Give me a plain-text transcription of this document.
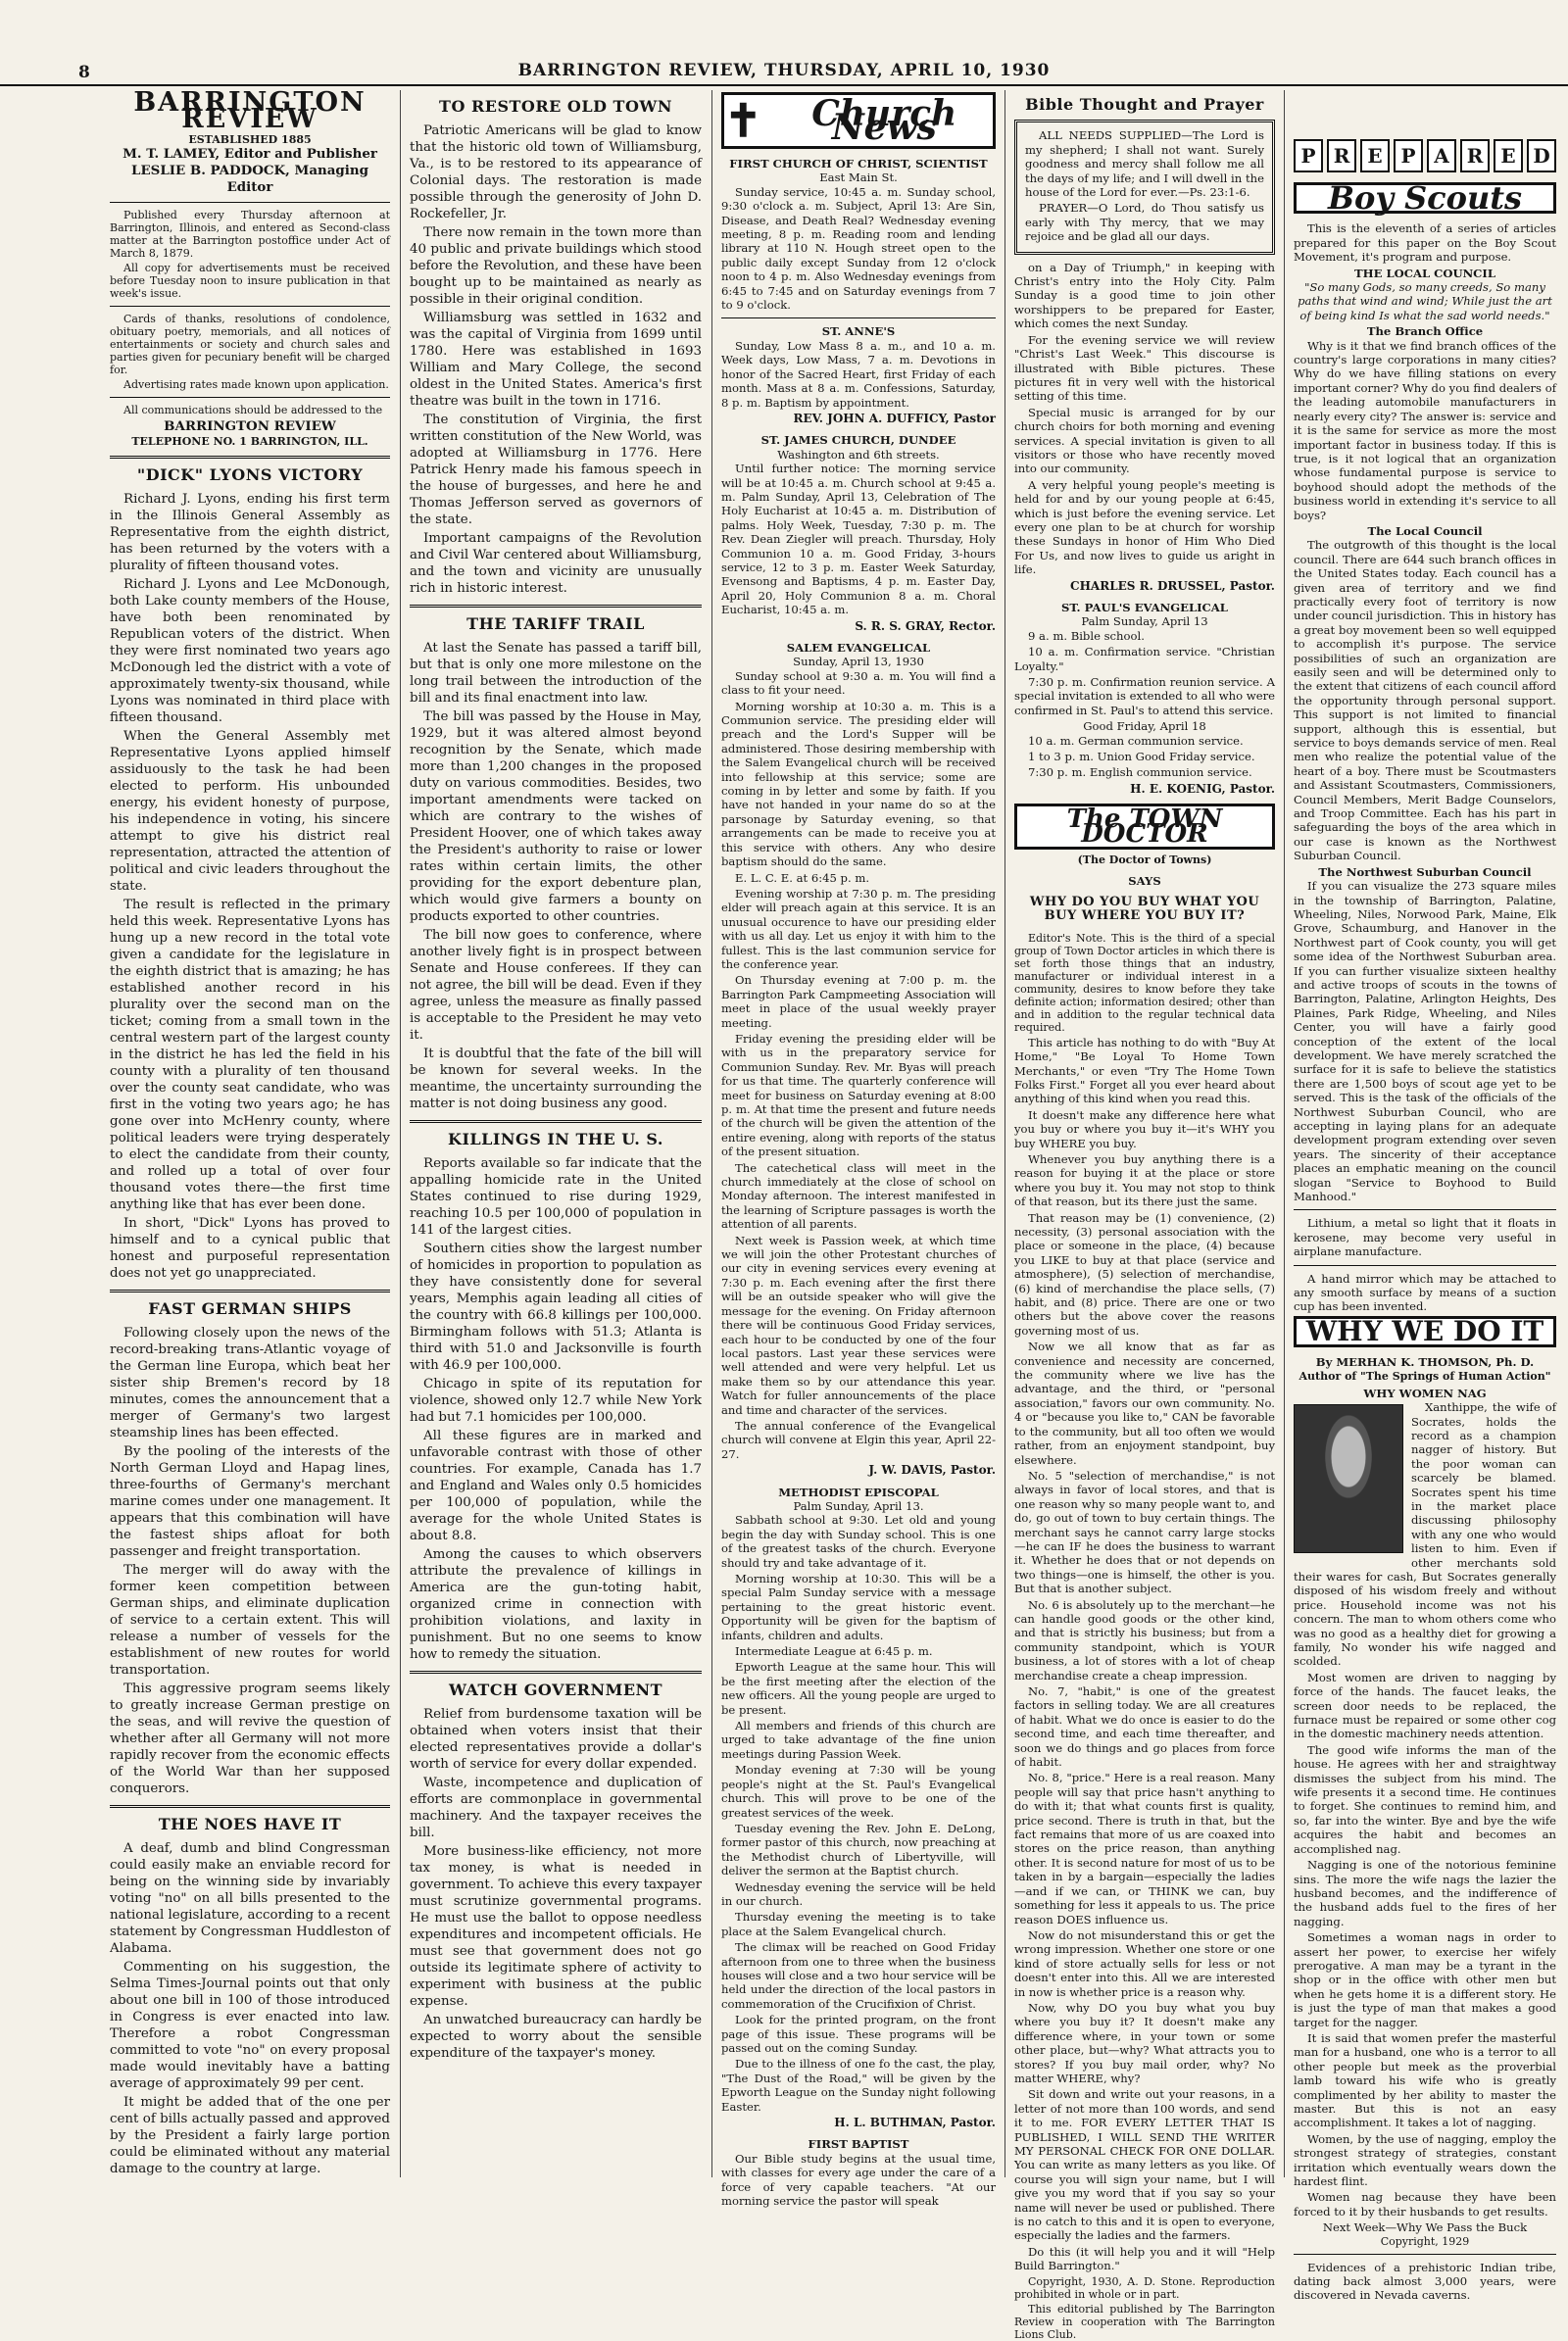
8	BARRINGTON REVIEW, THURSDAY, APRIL 10, 1930
BARRINGTON REVIEW
ESTABLISHED 1885
M. T. LAMEY, Editor and Publisher
LESLIE B. PADDOCK, Managing Editor

Published every Thursday afternoon at Barrington, Illinois, and entered as Second-class matter at the Barrington postoffice under Act of March 8, 1879.

All copy for advertisements must be received before Tuesday noon to insure publication in that week's issue.

Cards of thanks, resolutions of condolence, obituary poetry, memorials, and all notices of entertainments or society and church sales and parties given for pecuniary benefit will be charged for.

Advertising rates made known upon application.

All communications should be addressed to the

BARRINGTON REVIEW
TELEPHONE NO. 1 BARRINGTON, ILL.
"DICK" LYONS VICTORY

Richard J. Lyons, ending his first term in the Illinois General Assembly as Representative from the eighth district, has been returned by the voters with a plurality of fifteen thousand votes.

Richard J. Lyons and Lee McDonough, both Lake county members of the House, have both been renominated by Republican voters of the district. When they were first nominated two years ago McDonough led the district with a vote of approximately twenty-six thousand, while Lyons was nominated in third place with fifteen thousand.

When the General Assembly met Representative Lyons applied himself assiduously to the task he had been elected to perform. His unbounded energy, his evident honesty of purpose, his independence in voting, his sincere attempt to give his district real representation, attracted the attention of political and civic leaders throughout the state.

The result is reflected in the primary held this week. Representative Lyons has hung up a new record in the total vote given a candidate for the legislature in the eighth district that is amazing; he has established another record in his plurality over the second man on the ticket; coming from a small town in the central western part of the largest county in the district he has led the field in his county with a plurality of ten thousand over the county seat candidate, who was first in the voting two years ago; he has gone over into McHenry county, where political leaders were trying desperately to elect the candidate from their county, and rolled up a total of over four thousand votes there—the first time anything like that has ever been done.

In short, "Dick" Lyons has proved to himself and to a cynical public that honest and purposeful representation does not yet go unappreciated.

FAST GERMAN SHIPS

Following closely upon the news of the record-breaking trans-Atlantic voyage of the German line Europa, which beat her sister ship Bremen's record by 18 minutes, comes the announcement that a merger of Germany's two largest steamship lines has been effected.

By the pooling of the interests of the North German Lloyd and Hapag lines, three-fourths of Germany's merchant marine comes under one management. It appears that this combination will have the fastest ships afloat for both passenger and freight transportation.

The merger will do away with the former keen competition between German ships, and eliminate duplication of service to a certain extent. This will release a number of vessels for the establishment of new routes for world transportation.

This aggressive program seems likely to greatly increase German prestige on the seas, and will revive the question of whether after all Germany will not more rapidly recover from the economic effects of the World War than her supposed conquerors.

THE NOES HAVE IT

A deaf, dumb and blind Congressman could easily make an enviable record for being on the winning side by invariably voting "no" on all bills presented to the national legislature, according to a recent statement by Congressman Huddleston of Alabama.

Commenting on his suggestion, the Selma Times-Journal points out that only about one bill in 100 of those introduced in Congress is ever enacted into law. Therefore a robot Congressman committed to vote "no" on every proposal made would inevitably have a batting average of approximately 99 per cent.

It might be added that of the one per cent of bills actually passed and approved by the President a fairly large portion could be eliminated without any material damage to the country at large.

TO RESTORE OLD TOWN

Patriotic Americans will be glad to know that the historic old town of Williamsburg, Va., is to be restored to its appearance of Colonial days. The restoration is made possible through the generosity of John D. Rockefeller, Jr.

There now remain in the town more than 40 public and private buildings which stood before the Revolution, and these have been bought up to be maintained as nearly as possible in their original condition.

Williamsburg was settled in 1632 and was the capital of Virginia from 1699 until 1780. Here was established in 1693 William and Mary College, the second oldest in the United States. America's first theatre was built in the town in 1716.

The constitution of Virginia, the first written constitution of the New World, was adopted at Williamsburg in 1776. Here Patrick Henry made his famous speech in the house of burgesses, and here he and Thomas Jefferson served as governors of the state.

Important campaigns of the Revolution and Civil War centered about Williamsburg, and the town and vicinity are unusually rich in historic interest.

THE TARIFF TRAIL

At last the Senate has passed a tariff bill, but that is only one more milestone on the long trail between the introduction of the bill and its final enactment into law.

The bill was passed by the House in May, 1929, but it was altered almost beyond recognition by the Senate, which made more than 1,200 changes in the proposed duty on various commodities. Besides, two important amendments were tacked on which are contrary to the wishes of President Hoover, one of which takes away the President's authority to raise or lower rates within certain limits, the other providing for the export debenture plan, which would give farmers a bounty on products exported to other countries.

The bill now goes to conference, where another lively fight is in prospect between Senate and House conferees. If they can not agree, the bill will be dead. Even if they agree, unless the measure as finally passed is acceptable to the President he may veto it.

It is doubtful that the fate of the bill will be known for several weeks. In the meantime, the uncertainty surrounding the matter is not doing business any good.

KILLINGS IN THE U. S.

Reports available so far indicate that the appalling homicide rate in the United States continued to rise during 1929, reaching 10.5 per 100,000 of population in 141 of the largest cities.

Southern cities show the largest number of homicides in proportion to population as they have consistently done for several years, Memphis again leading all cities of the country with 66.8 killings per 100,000. Birmingham follows with 51.3; Atlanta is third with 51.0 and Jacksonville is fourth with 46.9 per 100,000.

Chicago in spite of its reputation for violence, showed only 12.7 while New York had but 7.1 homicides per 100,000.

All these figures are in marked and unfavorable contrast with those of other countries. For example, Canada has 1.7 and England and Wales only 0.5 homicides per 100,000 of population, while the average for the whole United States is about 8.8.

Among the causes to which observers attribute the prevalence of killings in America are the gun-toting habit, organized crime in connection with prohibition violations, and laxity in punishment. But no one seems to know how to remedy the situation.

WATCH GOVERNMENT

Relief from burdensome taxation will be obtained when voters insist that their elected representatives provide a dollar's worth of service for every dollar expended.

Waste, incompetence and duplication of efforts are commonplace in governmental machinery. And the taxpayer receives the bill.

More business-like efficiency, not more tax money, is what is needed in government. To achieve this every taxpayer must scrutinize governmental programs. He must use the ballot to oppose needless expenditures and incompetent officials. He must see that government does not go outside its legitimate sphere of activity to experiment with business at the public expense.

An unwatched bureaucracy can hardly be expected to worry about the sensible expenditure of the taxpayer's money.

✝	Church News
FIRST CHURCH OF CHRIST, SCIENTIST
East Main St.

Sunday service, 10:45 a. m. Sunday school, 9:30 o'clock a. m. Subject, April 13: Are Sin, Disease, and Death Real? Wednesday evening meeting, 8 p. m. Reading room and lending library at 110 N. Hough street open to the public daily except Sunday from 12 o'clock noon to 4 p. m. Also Wednesday evenings from 6:45 to 7:45 and on Saturday evenings from 7 to 9 o'clock.

ST. ANNE'S

Sunday, Low Mass 8 a. m., and 10 a. m. Week days, Low Mass, 7 a. m. Devotions in honor of the Sacred Heart, first Friday of each month. Mass at 8 a. m. Confessions, Saturday, 8 p. m. Baptism by appointment.

REV. JOHN A. DUFFICY, Pastor
ST. JAMES CHURCH, DUNDEE
Washington and 6th streets.

Until further notice: The morning service will be at 10:45 a. m. Church school at 9:45 a. m. Palm Sunday, April 13, Celebration of The Holy Eucharist at 10:45 a. m. Distribution of palms. Holy Week, Tuesday, 7:30 p. m. The Rev. Dean Ziegler will preach. Thursday, Holy Communion 10 a. m. Good Friday, 3-hours service, 12 to 3 p. m. Easter Week Saturday, Evensong and Baptisms, 4 p. m. Easter Day, April 20, Holy Communion 8 a. m. Choral Eucharist, 10:45 a. m.

S. R. S. GRAY, Rector.
SALEM EVANGELICAL
Sunday, April 13, 1930

Sunday school at 9:30 a. m. You will find a class to fit your need.

Morning worship at 10:30 a. m. This is a Communion service. The presiding elder will preach and the Lord's Supper will be administered. Those desiring membership with the Salem Evangelical church will be received into fellowship at this service; some are coming in by letter and some by faith. If you have not handed in your name do so at the parsonage by Saturday evening, so that arrangements can be made to receive you at this service with others. Any who desire baptism should do the same.

E. L. C. E. at 6:45 p. m.

Evening worship at 7:30 p. m. The presiding elder will preach again at this service. It is an unusual occurence to have our presiding elder with us all day. Let us enjoy it with him to the fullest. This is the last communion service for the conference year.

On Thursday evening at 7:00 p. m. the Barrington Park Campmeeting Association will meet in place of the usual weekly prayer meeting.

Friday evening the presiding elder will be with us in the preparatory service for Communion Sunday. Rev. Mr. Byas will preach for us that time. The quarterly conference will meet for business on Saturday evening at 8:00 p. m. At that time the present and future needs of the church will be given the attention of the entire evening, along with reports of the status of the present situation.

The catechetical class will meet in the church immediately at the close of school on Monday afternoon. The interest manifested in the learning of Scripture passages is worth the attention of all parents.

Next week is Passion week, at which time we will join the other Protestant churches of our city in evening services every evening at 7:30 p. m. Each evening after the first there will be an outside speaker who will give the message for the evening. On Friday afternoon there will be continuous Good Friday services, each hour to be conducted by one of the four local pastors. Last year these services were well attended and were very helpful. Let us make them so by our attendance this year. Watch for fuller announcements of the place and time and character of the services.

The annual conference of the Evangelical church will convene at Elgin this year, April 22-27.

J. W. DAVIS, Pastor.
METHODIST EPISCOPAL
Palm Sunday, April 13.

Sabbath school at 9:30. Let old and young begin the day with Sunday school. This is one of the greatest tasks of the church. Everyone should try and take advantage of it.

Morning worship at 10:30. This will be a special Palm Sunday service with a message pertaining to the great historic event. Opportunity will be given for the baptism of infants, children and adults.

Intermediate League at 6:45 p. m.

Epworth League at the same hour. This will be the first meeting after the election of the new officers. All the young people are urged to be present.

All members and friends of this church are urged to take advantage of the fine union meetings during Passion Week.

Monday evening at 7:30 will be young people's night at the St. Paul's Evangelical church. This will prove to be one of the greatest services of the week.

Tuesday evening the Rev. John E. DeLong, former pastor of this church, now preaching at the Methodist church of Libertyville, will deliver the sermon at the Baptist church.

Wednesday evening the service will be held in our church.

Thursday evening the meeting is to take place at the Salem Evangelical church.

The climax will be reached on Good Friday afternoon from one to three when the business houses will close and a two hour service will be held under the direction of the local pastors in commemoration of the Crucifixion of Christ.

Look for the printed program, on the front page of this issue. These programs will be passed out on the coming Sunday.

Due to the illness of one fo the cast, the play, "The Dust of the Road," will be given by the Epworth League on the Sunday night following Easter.

H. L. BUTHMAN, Pastor.
FIRST BAPTIST

Our Bible study begins at the usual time, with classes for every age under the care of a force of very capable teachers. "At our morning service the pastor will speak

Bible Thought and Prayer

ALL NEEDS SUPPLIED—The Lord is my shepherd; I shall not want. Surely goodness and mercy shall follow me all the days of my life; and I will dwell in the house of the Lord for ever.—Ps. 23:1-6.

PRAYER—O Lord, do Thou satisfy us early with Thy mercy, that we may rejoice and be glad all our days.

on a Day of Triumph," in keeping with Christ's entry into the Holy City. Palm Sunday is a good time to join other worshippers to be prepared for Easter, which comes the next Sunday.

For the evening service we will review "Christ's Last Week." This discourse is illustrated with Bible pictures. These pictures fit in very well with the historical setting of this time.

Special music is arranged for by our church choirs for both morning and evening services. A special invitation is given to all visitors or those who have recently moved into our community.

A very helpful young people's meeting is held for and by our young people at 6:45, which is just before the evening service. Let every one plan to be at church for worship these Sundays in honor of Him Who Died For Us, and now lives to guide us aright in life.

CHARLES R. DRUSSEL, Pastor.
ST. PAUL'S EVANGELICAL
Palm Sunday, April 13

9 a. m. Bible school.

10 a. m. Confirmation service. "Christian Loyalty."

7:30 p. m. Confirmation reunion service. A special invitation is extended to all who were confirmed in St. Paul's to attend this service.

Good Friday, April 18

10 a. m. German communion service.

1 to 3 p. m. Union Good Friday service.

7:30 p. m. English communion service.

H. E. KOENIG, Pastor.
The TOWN DOCTOR
(The Doctor of Towns)
SAYS
WHY DO YOU BUY WHAT YOU BUY WHERE YOU BUY IT?

Editor's Note. This is the third of a special group of Town Doctor articles in which there is set forth those things that an industry, manufacturer or individual interest in a community, desires to know before they take definite action; information desired; other than and in addition to the regular technical data required.

This article has nothing to do with "Buy At Home," "Be Loyal To Home Town Merchants," or even "Try The Home Town Folks First." Forget all you ever heard about anything of this kind when you read this.

It doesn't make any difference here what you buy or where you buy it—it's WHY you buy WHERE you buy.

Whenever you buy anything there is a reason for buying it at the place or store where you buy it. You may not stop to think of that reason, but its there just the same.

That reason may be (1) convenience, (2) necessity, (3) personal association with the place or someone in the place, (4) because you LIKE to buy at that place (service and atmosphere), (5) selection of merchandise, (6) kind of merchandise the place sells, (7) habit, and (8) price. There are one or two others but the above cover the reasons governing most of us.

Now we all know that as far as convenience and necessity are concerned, the community where we live has the advantage, and the third, or "personal association," favors our own community. No. 4 or "because you like to," CAN be favorable to the community, but all too often we would rather, from an enjoyment standpoint, buy elsewhere.

No. 5 "selection of merchandise," is not always in favor of local stores, and that is one reason why so many people want to, and do, go out of town to buy certain things. The merchant says he cannot carry large stocks—he can IF he does the business to warrant it. Whether he does that or not depends on two things—one is himself, the other is you. But that is another subject.

No. 6 is absolutely up to the merchant—he can handle good goods or the other kind, and that is strictly his business; but from a community standpoint, which is YOUR business, a lot of stores with a lot of cheap merchandise create a cheap impression.

No. 7, "habit," is one of the greatest factors in selling today. We are all creatures of habit. What we do once is easier to do the second time, and each time thereafter, and soon we do things and go places from force of habit.

No. 8, "price." Here is a real reason. Many people will say that price hasn't anything to do with it; that what counts first is quality, price second. There is truth in that, but the fact remains that more of us are coaxed into stores on the price reason, than anything other. It is second nature for most of us to be taken in by a bargain—especially the ladies—and if we can, or THINK we can, buy something for less it appeals to us. The price reason DOES influence us.

Now do not misunderstand this or get the wrong impression. Whether one store or one kind of store actually sells for less or not doesn't enter into this. All we are interested in now is whether price is a reason why.

Now, why DO you buy what you buy where you buy it? It doesn't make any difference where, in your town or some other place, but—why? What attracts you to stores? If you buy mail order, why? No matter WHERE, why?

Sit down and write out your reasons, in a letter of not more than 100 words, and send it to me. FOR EVERY LETTER THAT IS PUBLISHED, I WILL SEND THE WRITER MY PERSONAL CHECK FOR ONE DOLLAR. You can write as many letters as you like. Of course you will sign your name, but I will give you my word that if you say so your name will never be used or published. There is no catch to this and it is open to everyone, especially the ladies and the farmers.

Do this (it will help you and it will "Help Build Barrington."

Copyright, 1930, A. D. Stone. Reproduction prohibited in whole or in part.

This editorial published by The Barrington Review in cooperation with The Barrington Lions Club.

P R E P A R E D
Boy Scouts

This is the eleventh of a series of articles prepared for this paper on the Boy Scout Movement, it's program and purpose.

THE LOCAL COUNCIL

"So many Gods, so many creeds, So many paths that wind and wind; While just the art of being kind Is what the sad world needs."

The Branch Office

Why is it that we find branch offices of the country's large corporations in many cities? Why do we have filling stations on every important corner? Why do you find dealers of the leading automobile manufacturers in nearly every city? The answer is: service and it is the same for service as more the most important factor in business today. If this is true, is it not logical that an organization whose fundamental purpose is service to boyhood should adopt the methods of the business world in extending it's service to all boys?

The Local Council

The outgrowth of this thought is the local council. There are 644 such branch offices in the United States today. Each council has a given area of territory and we find practically every foot of territory is now under council jurisdiction. This in history has a great boy movement been so well equipped to accomplish it's purpose. The service possibilities of such an organization are easily seen and will be determined only to the extent that citizens of each council afford the opportunity through personal support. This support is not limited to financial support, although this is essential, but service to boys demands service of men. Real men who realize the potential value of the heart of a boy. There must be Scoutmasters and Assistant Scoutmasters, Commissioners, Council Members, Merit Badge Counselors, and Troop Committee. Each has his part in safeguarding the boys of the area which in our case is known as the Northwest Suburban Council.

The Northwest Suburban Council

If you can visualize the 273 square miles in the township of Barrington, Palatine, Wheeling, Niles, Norwood Park, Maine, Elk Grove, Schaumburg, and Hanover in the Northwest part of Cook county, you will get some idea of the Northwest Suburban area. If you can further visualize sixteen healthy and active troops of scouts in the towns of Barrington, Palatine, Arlington Heights, Des Plaines, Park Ridge, Wheeling, and Niles Center, you will have a fairly good conception of the extent of the local development. We have merely scratched the surface for it is safe to believe the statistics there are 1,500 boys of scout age yet to be served. This is the task of the officials of the Northwest Suburban Council, who are accepting in laying plans for an adequate development program extending over seven years. The sincerity of their acceptance places an emphatic meaning on the council slogan "Service to Boyhood to Build Manhood."

Lithium, a metal so light that it floats in kerosene, may become very useful in airplane manufacture.

A hand mirror which may be attached to any smooth surface by means of a suction cup has been invented.

WHY WE DO IT
By MERHAN K. THOMSON, Ph. D.
Author of "The Springs of Human Action"
WHY WOMEN NAG

Xanthippe, the wife of Socrates, holds the record as a champion nagger of history. But the poor woman can scarcely be blamed. Socrates spent his time in the market place discussing philosophy with any one who would listen to him. Even if other merchants sold their wares for cash, But Socrates generally disposed of his wisdom freely and without price. Household income was not his concern. The man to whom others come who was no good as a healthy diet for growing a family, No wonder his wife nagged and scolded.

Most women are driven to nagging by force of the hands. The faucet leaks, the screen door needs to be replaced, the furnace must be repaired or some other cog in the domestic machinery needs attention.

The good wife informs the man of the house. He agrees with her and straightway dismisses the subject from his mind. The wife presents it a second time. He continues to forget. She continues to remind him, and so, far into the winter. Bye and bye the wife acquires the habit and becomes an accomplished nag.

Nagging is one of the notorious feminine sins. The more the wife nags the lazier the husband becomes, and the indifference of the husband adds fuel to the fires of her nagging.

Sometimes a woman nags in order to assert her power, to exercise her wifely prerogative. A man may be a tyrant in the shop or in the office with other men but when he gets home it is a different story. He is just the type of man that makes a good target for the nagger.

It is said that women prefer the masterful man for a husband, one who is a terror to all other people but meek as the proverbial lamb toward his wife who is greatly complimented by her ability to master the master. But this is not an easy accomplishment. It takes a lot of nagging.

Women, by the use of nagging, employ the strongest strategy of strategies, constant irritation which eventually wears down the hardest flint.

Women nag because they have been forced to it by their husbands to get results.

Next Week—Why We Pass the Buck
Copyright, 1929

Evidences of a prehistoric Indian tribe, dating back almost 3,000 years, were discovered in Nevada caverns.
